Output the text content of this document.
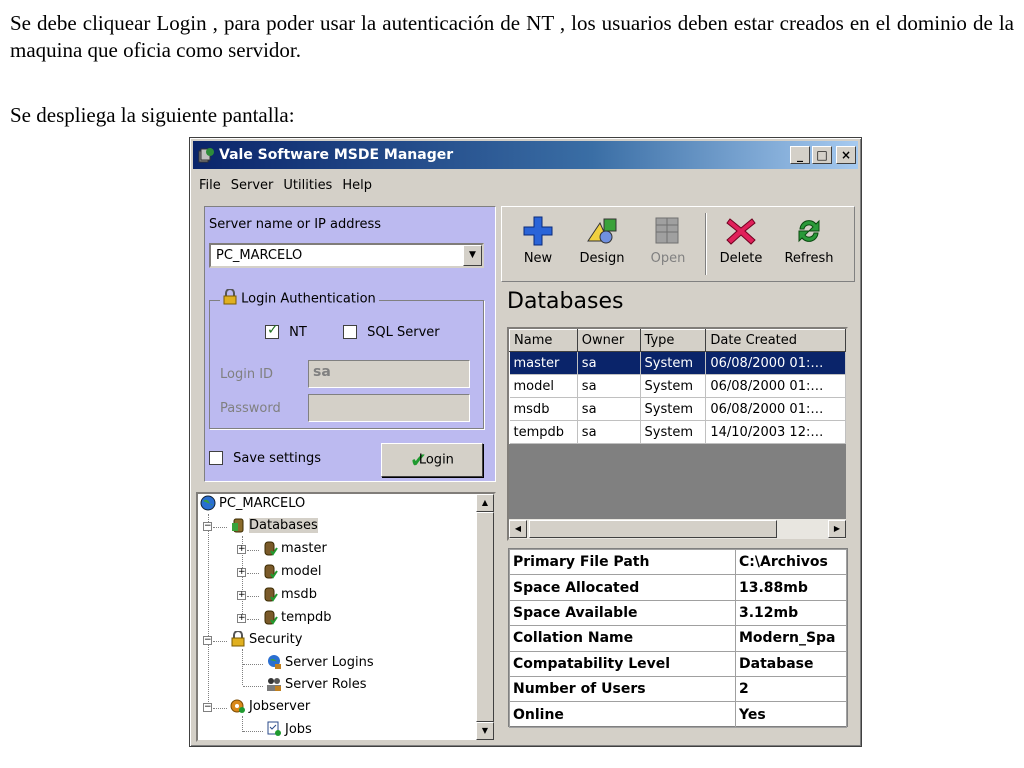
Se debe cliquear Login , para poder usar la autenticación de NT , los usuarios deben estar creados en el dominio de la maquina que oficia como servidor.

Se despliega la siguiente pantalla:

Vale Software MSDE Manager	_	□	×
File Server Utilities Help
Server name or IP address
PC_MARCELO	▼
Login Authentication
✓ NT	SQL Server
Login ID	sa
Password
Save settings	✔Login
PC_MARCELO
−	Databases
+	master
+	model
+	msdb
+	tempdb
−	Security
Server Logins
Server Roles
−	Jobserver
Jobs
▲
▼
New	Design	Open	Delete	Refresh
Databases
Name	Owner	Type	Date Created
master	sa	System	06/08/2000 01:…
model	sa	System	06/08/2000 01:…
msdb	sa	System	06/08/2000 01:…
tempdb	sa	System	14/10/2003 12:…
◀	▶
Primary File Path	C:\Archivos
Space Allocated	13.88mb
Space Available	3.12mb
Collation Name	Modern_Spa
Compatability Level	Database
Number of Users	2
Online	Yes
